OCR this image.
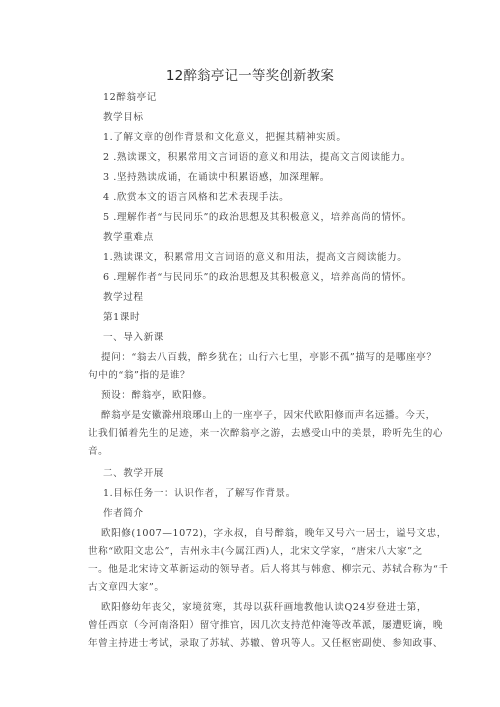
12醉翁亭记一等奖创新教案
12醉翁亭记
教学目标
1.了解文章的创作背景和文化意义，把握其精神实质。
2 .熟读课文，积累常用文言词语的意义和用法，提高文言阅读能力。
3 .坚持熟读成诵，在诵读中积累语感，加深理解。
4 .欣赏本文的语言风格和艺术表现手法。
5 .理解作者“与民同乐”的政治思想及其积极意义，培养高尚的情怀。
教学重难点
1.熟读课文，积累常用文言词语的意义和用法，提高文言阅读能力。
6 .理解作者“与民同乐”的政治思想及其积极意义，培养高尚的情怀。
教学过程
第1课时
一、导入新课
提问：“翁去八百载，醉乡犹在；山行六七里，亭影不孤”描写的是哪座亭？
句中的“翁”指的是谁？
预设：醉翁亭，欧阳修。
醉翁亭是安徽滁州琅琊山上的一座亭子，因宋代欧阳修而声名远播。今天，
让我们循着先生的足迹，来一次醉翁亭之游，去感受山中的美景，聆听先生的心
音。
二、教学开展
1.目标任务一：认识作者，了解写作背景。
作者简介
欧阳修(1007—1072)，字永叔，自号醉翁，晚年又号六一居士，谥号文忠，
世称“欧阳文忠公”，吉州永丰(今属江西)人，北宋文学家，“唐宋八大家”之
一。他是北宋诗文革新运动的领导者。后人将其与韩愈、柳宗元、苏轼合称为“千
古文章四大家”。
欧阳修幼年丧父，家境贫寒，其母以荻秆画地教他认读Q24岁登进士第，
曾任西京（今河南洛阳）留守推官，因几次支持范仲淹等改革派，屡遭贬谪，晚
年曾主持进士考试，录取了苏轼、苏辙、曾巩等人。又任枢密副使、参知政事、
